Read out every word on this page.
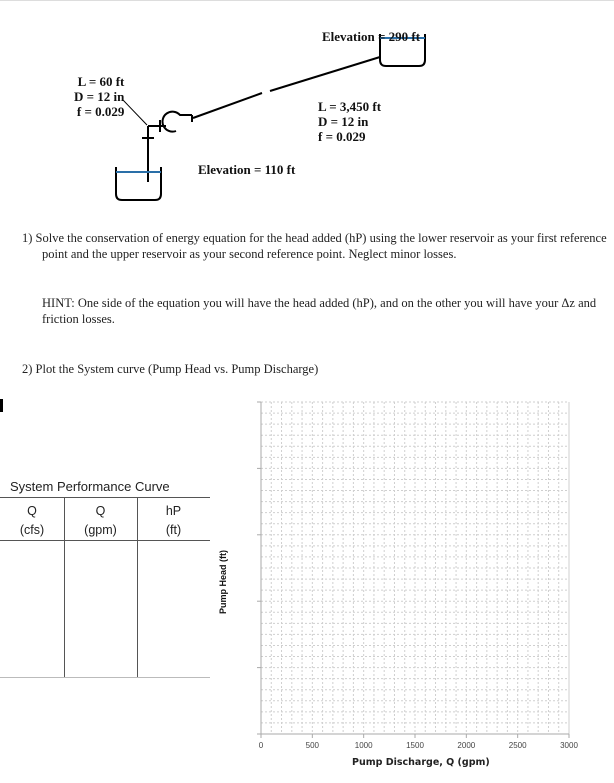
Elevation = 290 ft
Elevation = 110 ft
L = 60 ft
D = 12 in
f = 0.029	L = 3,450 ft
D = 12 in
f = 0.029
1) Solve the conservation of energy equation for the head added (hP) using the lower reservoir as your first reference point and the upper reservoir as your second reference point. Neglect minor losses.
HINT: One side of the equation you will have the head added (hP), and on the other you will have your Δz and friction losses.
2) Plot the System curve (Pump Head vs. Pump Discharge)
System Performance Curve
Q
(cfs)
Q
(gpm)
hP
(ft)
Pump Head (ft)
0	500	1000	1500	2000	2500	3000
Pump Discharge, Q (gpm)
